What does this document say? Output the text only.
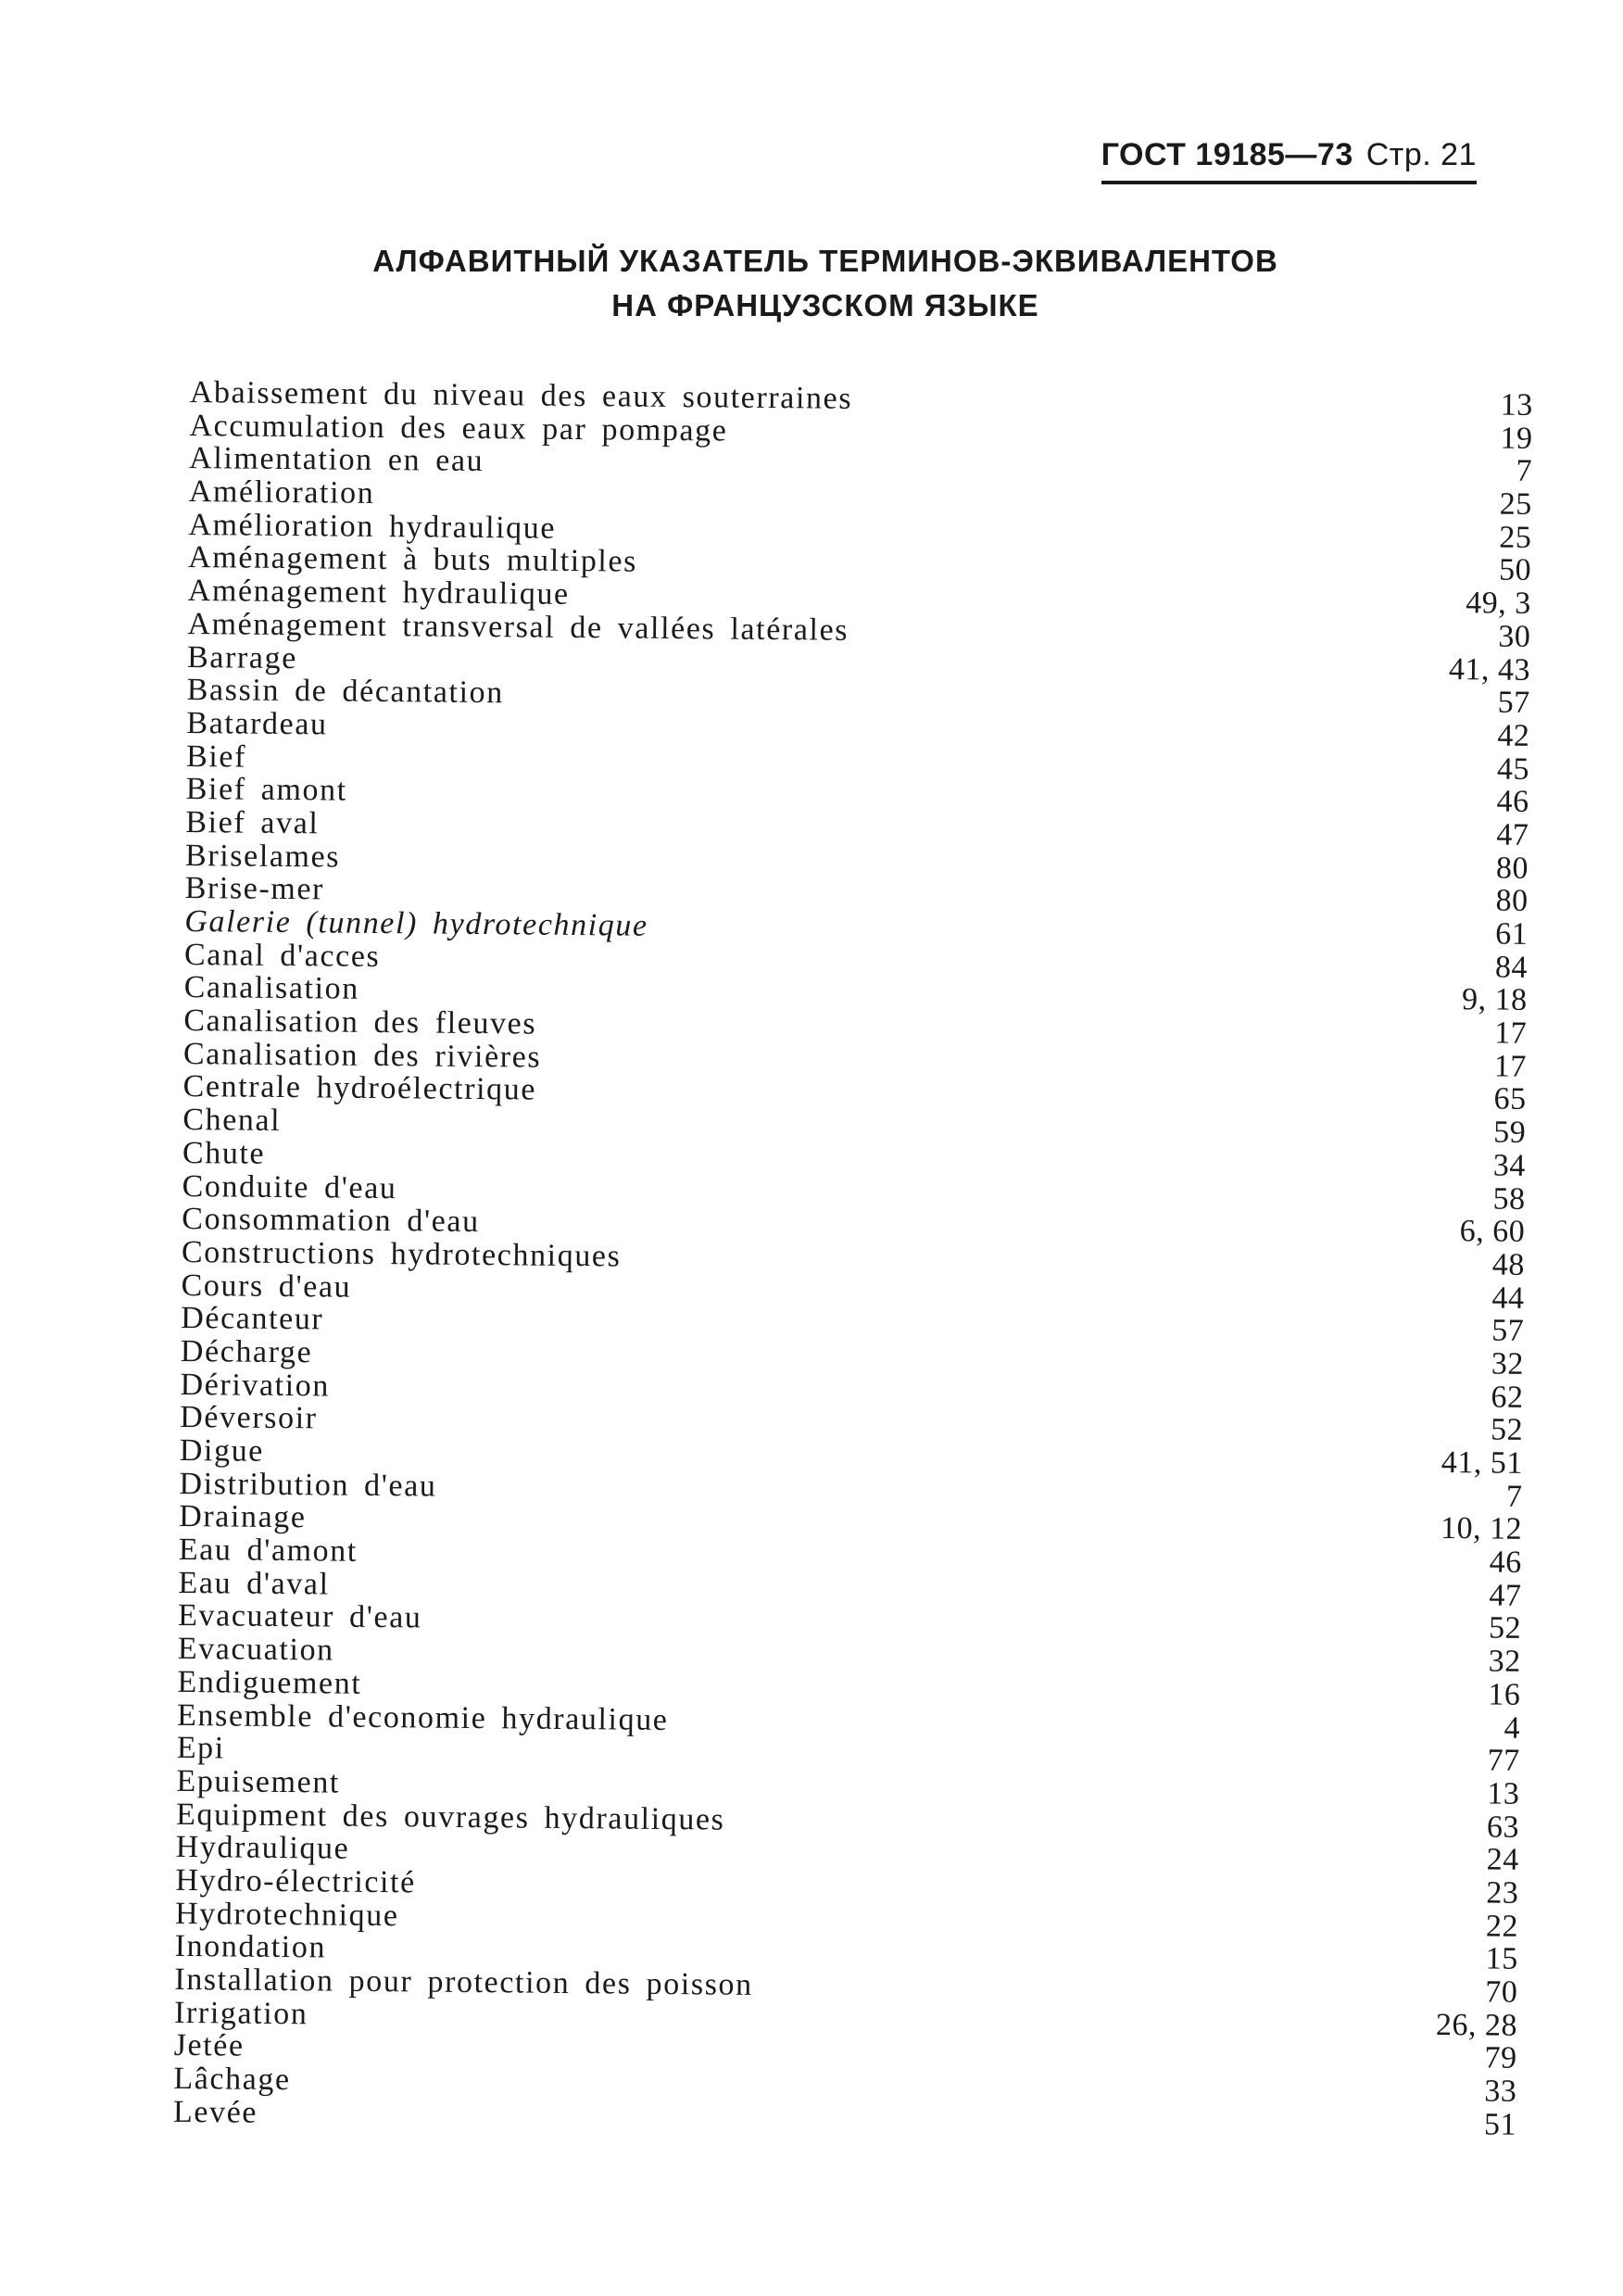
ГОСТ 19185—73 Стр. 21
АЛФАВИТНЫЙ УКАЗАТЕЛЬ ТЕРМИНОВ-ЭКВИВАЛЕНТОВ
НА ФРАНЦУЗСКОМ ЯЗЫКЕ
Abaissement du niveau des eaux souterraines	13
Accumulation des eaux par pompage	19
Alimentation en eau	7
Amélioration	25
Amélioration hydraulique	25
Aménagement à buts multiples	50
Aménagement hydraulique	49, 3
Aménagement transversal de vallées latérales	30
Barrage	41, 43
Bassin de décantation	57
Batardeau	42
Bief	45
Bief amont	46
Bief aval	47
Briselames	80
Brise-mer	80
Galerie (tunnel) hydrotechnique	61
Canal d'acces	84
Canalisation	9, 18
Canalisation des fleuves	17
Canalisation des rivières	17
Centrale hydroélectrique	65
Chenal	59
Chute	34
Conduite d'eau	58
Consommation d'eau	6, 60
Constructions hydrotechniques	48
Cours d'eau	44
Décanteur	57
Décharge	32
Dérivation	62
Déversoir	52
Digue	41, 51
Distribution d'eau	7
Drainage	10, 12
Eau d'amont	46
Eau d'aval	47
Evacuateur d'eau	52
Evacuation	32
Endiguement	16
Ensemble d'economie hydraulique	4
Epi	77
Epuisement	13
Equipment des ouvrages hydrauliques	63
Hydraulique	24
Hydro-électricité	23
Hydrotechnique	22
Inondation	15
Installation pour protection des poisson	70
Irrigation	26, 28
Jetée	79
Lâchage	33
Levée	51
